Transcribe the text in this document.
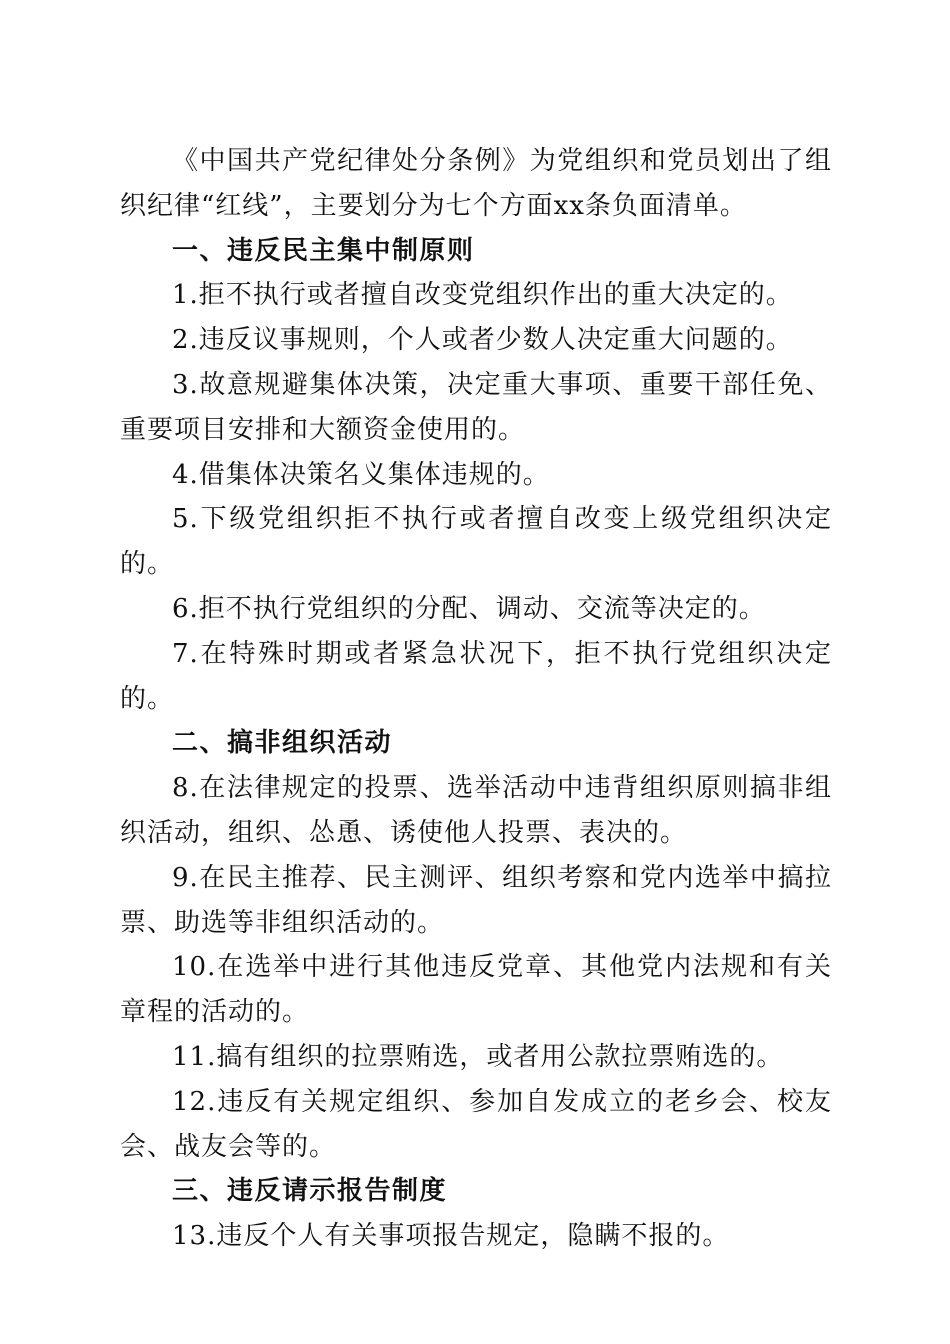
《中国共产党纪律处分条例》为党组织和党员划出了组织纪律“红线”，主要划分为七个方面xx条负面清单。

一、违反民主集中制原则

1.拒不执行或者擅自改变党组织作出的重大决定的。

2.违反议事规则，个人或者少数人决定重大问题的。

3.故意规避集体决策，决定重大事项、重要干部任免、重要项目安排和大额资金使用的。

4.借集体决策名义集体违规的。

5.下级党组织拒不执行或者擅自改变上级党组织决定的。

6.拒不执行党组织的分配、调动、交流等决定的。

7.在特殊时期或者紧急状况下，拒不执行党组织决定的。

二、搞非组织活动

8.在法律规定的投票、选举活动中违背组织原则搞非组织活动，组织、怂恿、诱使他人投票、表决的。

9.在民主推荐、民主测评、组织考察和党内选举中搞拉票、助选等非组织活动的。

10.在选举中进行其他违反党章、其他党内法规和有关章程的活动的。

11.搞有组织的拉票贿选，或者用公款拉票贿选的。

12.违反有关规定组织、参加自发成立的老乡会、校友会、战友会等的。

三、违反请示报告制度

13.违反个人有关事项报告规定，隐瞒不报的。
